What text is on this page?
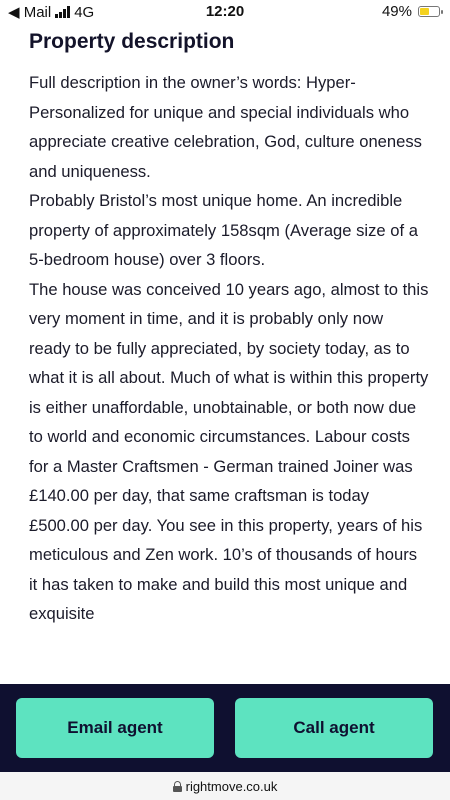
◀ Mail 4G	12:20	49%
Property description

Full description in the owner’s words: Hyper-Personalized for unique and special individuals who appreciate creative celebration, God, culture oneness and uniqueness.

Probably Bristol’s most unique home. An incredible property of approximately 158sqm (Average size of a 5-bedroom house) over 3 floors.

The house was conceived 10 years ago, almost to this very moment in time, and it is probably only now ready to be fully appreciated, by society today, as to what it is all about. Much of what is within this property is either unaffordable, unobtainable, or both now due to world and economic circumstances. Labour costs for a Master Craftsmen - German trained Joiner was £140.00 per day, that same craftsman is today £500.00 per day. You see in this property, years of his meticulous and Zen work. 10’s of thousands of hours it has taken to make and build this most unique and exquisite

Email agent	Call agent
rightmove.co.uk
